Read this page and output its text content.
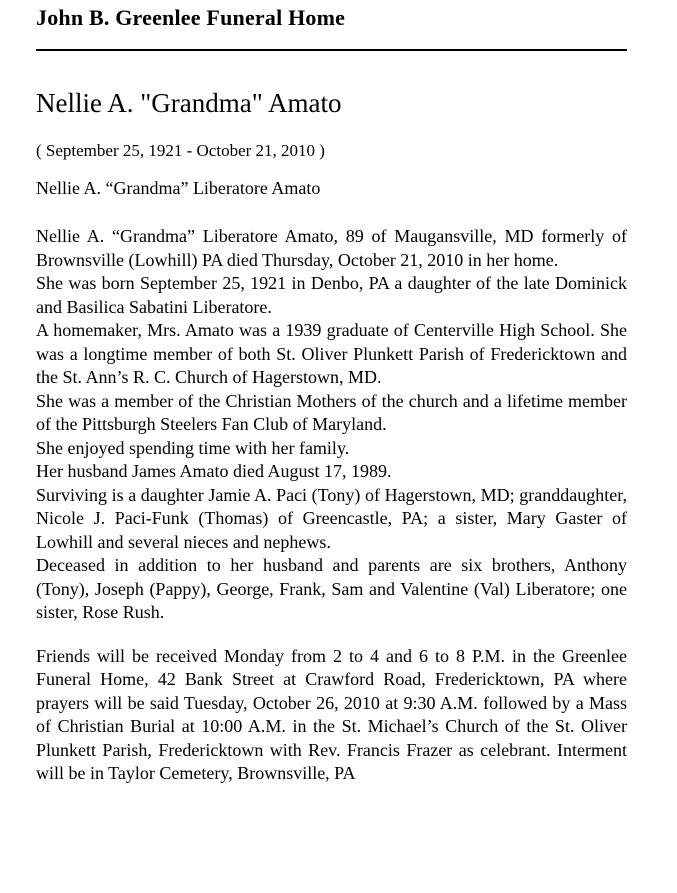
John B. Greenlee Funeral Home
Nellie A. "Grandma" Amato
( September 25, 1921 - October 21, 2010 )
Nellie A. “Grandma” Liberatore Amato

Nellie A. “Grandma” Liberatore Amato, 89 of Maugansville, MD formerly of Brownsville (Lowhill) PA died Thursday, October 21, 2010 in her home.

She was born September 25, 1921 in Denbo, PA a daughter of the late Dominick and Basilica Sabatini Liberatore.

A homemaker, Mrs. Amato was a 1939 graduate of Centerville High School. She was a longtime member of both St. Oliver Plunkett Parish of Fredericktown and the St. Ann’s R. C. Church of Hagerstown, MD.

She was a member of the Christian Mothers of the church and a lifetime member of the Pittsburgh Steelers Fan Club of Maryland.

She enjoyed spending time with her family.

Her husband James Amato died August 17, 1989.

Surviving is a daughter Jamie A. Paci (Tony) of Hagerstown, MD; granddaughter, Nicole J. Paci-Funk (Thomas) of Greencastle, PA; a sister, Mary Gaster of Lowhill and several nieces and nephews.

Deceased in addition to her husband and parents are six brothers, Anthony (Tony), Joseph (Pappy), George, Frank, Sam and Valentine (Val) Liberatore; one sister, Rose Rush.

Friends will be received Monday from 2 to 4 and 6 to 8 P.M. in the Greenlee Funeral Home, 42 Bank Street at Crawford Road, Fredericktown, PA where prayers will be said Tuesday, October 26, 2010 at 9:30 A.M. followed by a Mass of Christian Burial at 10:00 A.M. in the St. Michael’s Church of the St. Oliver Plunkett Parish, Fredericktown with Rev. Francis Frazer as celebrant. Interment will be in Taylor Cemetery, Brownsville, PA
